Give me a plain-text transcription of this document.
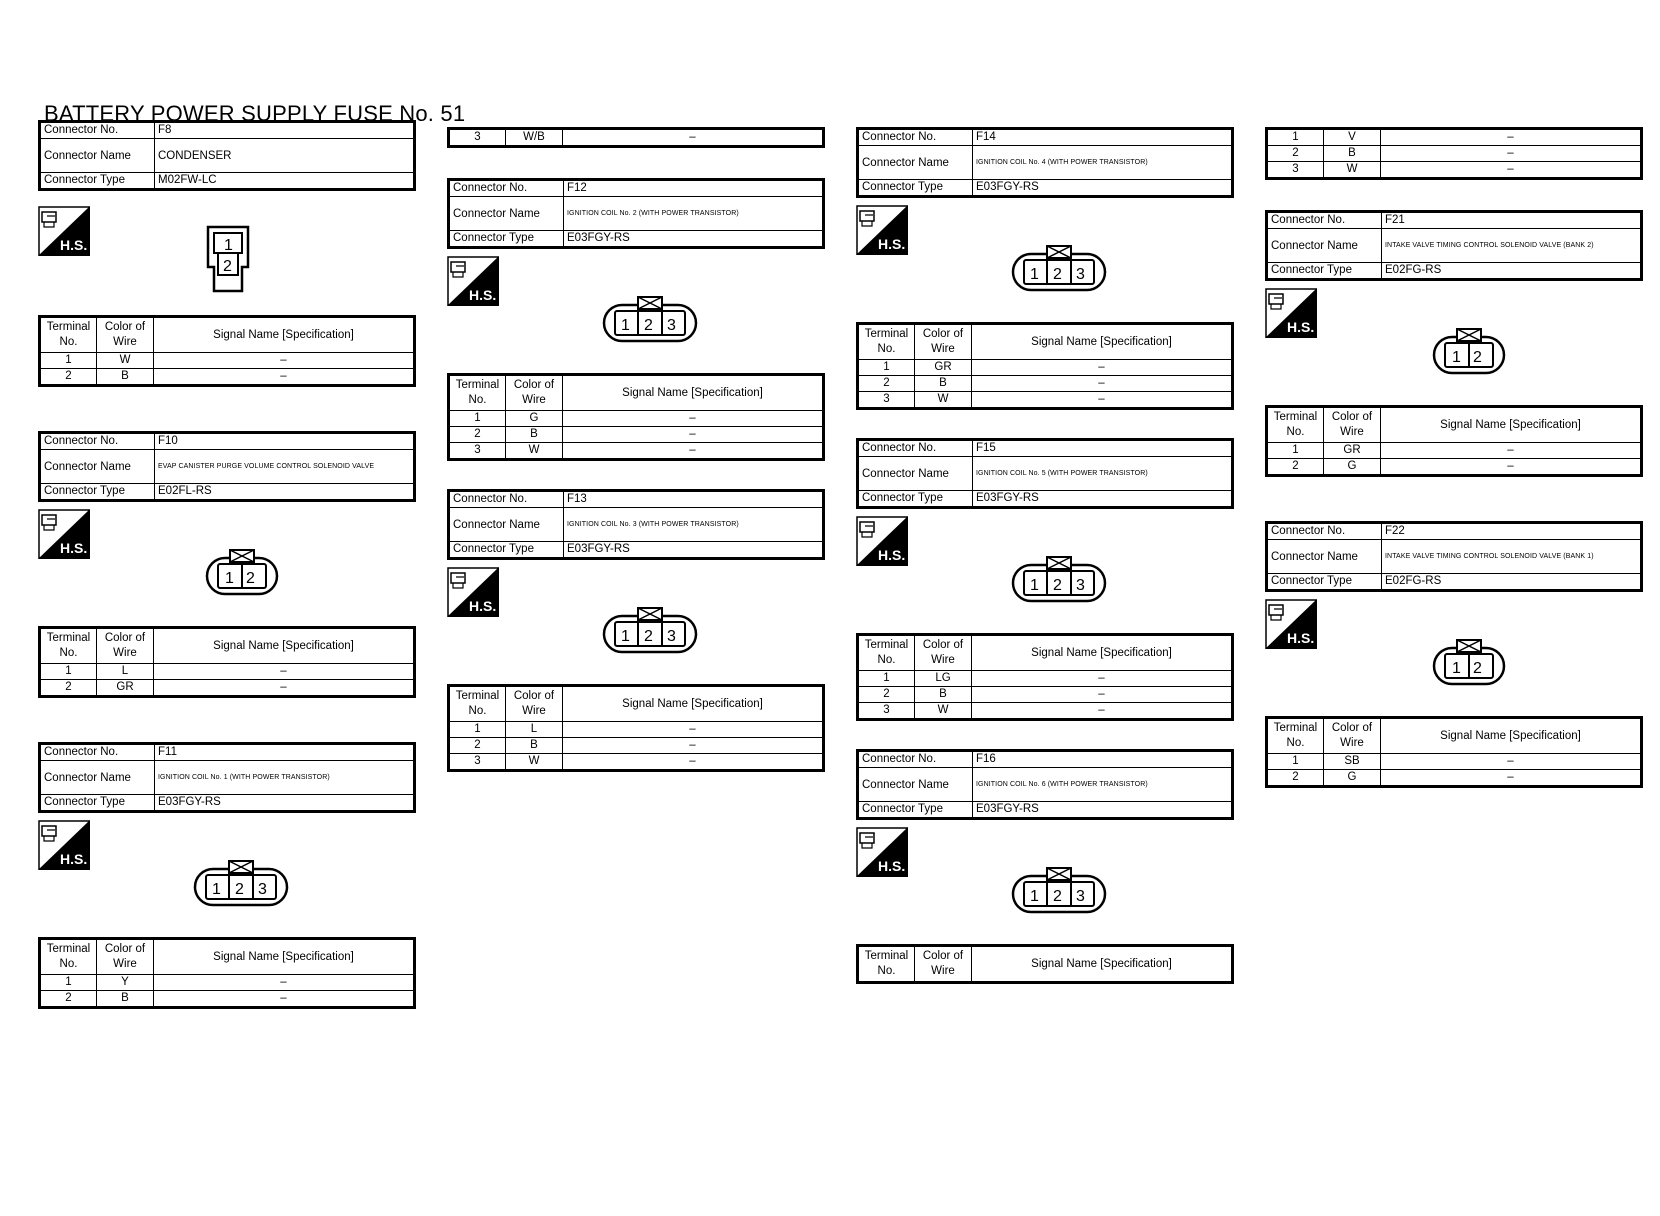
BATTERY POWER SUPPLY FUSE No. 51
Connector No.	F8
Connector Name	CONDENSER
Connector Type	M02FW-LC
H.S.	1
2
Terminal No.	Color of Wire	Signal Name [Specification]
1	W	–
2	B	–
Connector No.	F10
Connector Name	EVAP CANISTER PURGE VOLUME CONTROL SOLENOID VALVE
Connector Type	E02FL-RS
H.S.
1 2
Terminal No.	Color of Wire	Signal Name [Specification]
1	L	–
2	GR	–
Connector No.	F11
Connector Name	IGNITION COIL No. 1 (WITH POWER TRANSISTOR)
Connector Type	E03FGY-RS
H.S.
1 2 3
Terminal No.	Color of Wire	Signal Name [Specification]
1	Y	–
2	B	–
3	W/B	–
Connector No.	F12
Connector Name	IGNITION COIL No. 2 (WITH POWER TRANSISTOR)
Connector Type	E03FGY-RS
H.S.
1 2 3
Terminal No.	Color of Wire	Signal Name [Specification]
1	G	–
2	B	–
3	W	–
Connector No.	F13
Connector Name	IGNITION COIL No. 3 (WITH POWER TRANSISTOR)
Connector Type	E03FGY-RS
H.S.
1 2 3
Terminal No.	Color of Wire	Signal Name [Specification]
1	L	–
2	B	–
3	W	–
Connector No.	F14
Connector Name	IGNITION COIL No. 4 (WITH POWER TRANSISTOR)
Connector Type	E03FGY-RS
H.S.
1 2 3
Terminal No.	Color of Wire	Signal Name [Specification]
1	GR	–
2	B	–
3	W	–
Connector No.	F15
Connector Name	IGNITION COIL No. 5 (WITH POWER TRANSISTOR)
Connector Type	E03FGY-RS
H.S.
1 2 3
Terminal No.	Color of Wire	Signal Name [Specification]
1	LG	–
2	B	–
3	W	–
Connector No.	F16
Connector Name	IGNITION COIL No. 6 (WITH POWER TRANSISTOR)
Connector Type	E03FGY-RS
H.S.
1 2 3
Terminal No.	Color of Wire	Signal Name [Specification]
1	V	–
2	B	–
3	W	–
Connector No.	F21
Connector Name	INTAKE VALVE TIMING CONTROL SOLENOID VALVE (BANK 2)
Connector Type	E02FG-RS
H.S.
1 2
Terminal No.	Color of Wire	Signal Name [Specification]
1	GR	–
2	G	–
Connector No.	F22
Connector Name	INTAKE VALVE TIMING CONTROL SOLENOID VALVE (BANK 1)
Connector Type	E02FG-RS
H.S.
1 2
Terminal No.	Color of Wire	Signal Name [Specification]
1	SB	–
2	G	–
